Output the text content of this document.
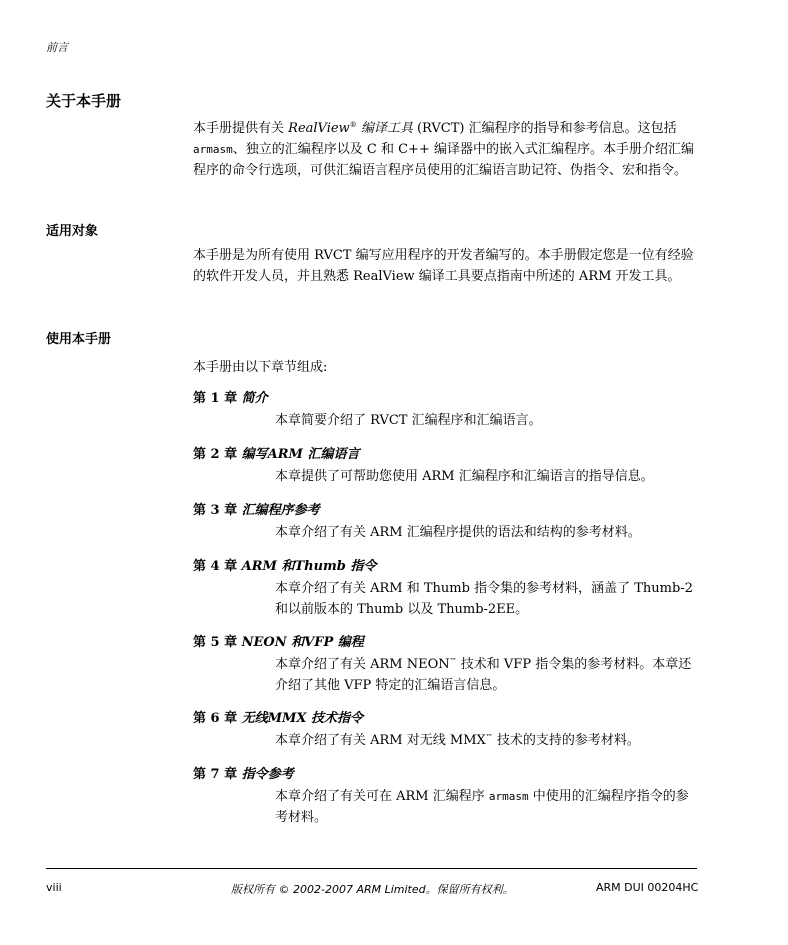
前言
关于本手册
本手册提供有关 RealView® 编译工具 (RVCT) 汇编程序的指导和参考信息。这包括armasm、独立的汇编程序以及 C 和 C++ 编译器中的嵌入式汇编程序。本手册介绍汇编程序的命令行选项，可供汇编语言程序员使用的汇编语言助记符、伪指令、宏和指令。
适用对象
本手册是为所有使用 RVCT 编写应用程序的开发者编写的。本手册假定您是一位有经验的软件开发人员，并且熟悉 RealView 编译工具要点指南中所述的 ARM 开发工具。
使用本手册
本手册由以下章节组成:
第 1 章 简介
本章简要介绍了 RVCT 汇编程序和汇编语言。
第 2 章 编写ARM 汇编语言
本章提供了可帮助您使用 ARM 汇编程序和汇编语言的指导信息。
第 3 章 汇编程序参考
本章介绍了有关 ARM 汇编程序提供的语法和结构的参考材料。
第 4 章 ARM 和Thumb 指令
本章介绍了有关 ARM 和 Thumb 指令集的参考材料，涵盖了 Thumb-2 和以前版本的 Thumb 以及 Thumb-2EE。
第 5 章 NEON 和VFP 编程
本章介绍了有关 ARM NEON™ 技术和 VFP 指令集的参考材料。本章还介绍了其他 VFP 特定的汇编语言信息。
第 6 章 无线MMX 技术指令
本章介绍了有关 ARM 对无线 MMX™ 技术的支持的参考材料。
第 7 章 指令参考
本章介绍了有关可在 ARM 汇编程序 armasm 中使用的汇编程序指令的参考材料。
viii	版权所有 © 2002-2007 ARM Limited。保留所有权利。	ARM DUI 00204HC
